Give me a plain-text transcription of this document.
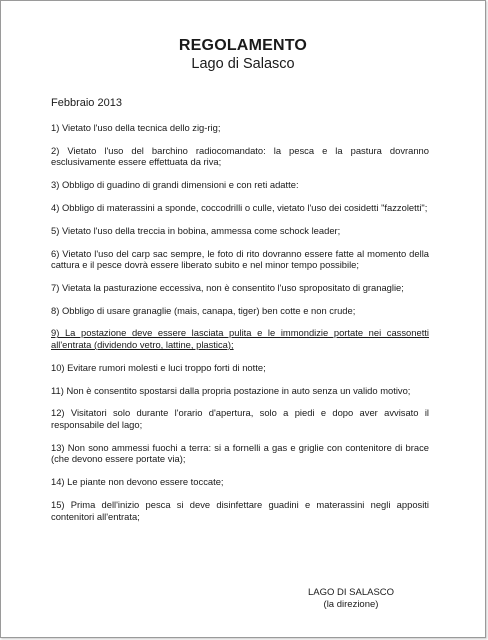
REGOLAMENTO
Lago di Salasco
Febbraio 2013

1) Vietato l'uso della tecnica dello zig-rig;

2) Vietato l'uso del barchino radiocomandato: la pesca e la pastura dovranno esclusivamente essere effettuata da riva;

3) Obbligo di guadino di grandi dimensioni e con reti adatte:

4) Obbligo di materassini a sponde, coccodrilli o culle, vietato l'uso dei cosidetti "fazzoletti";

5) Vietato l'uso della treccia in bobina, ammessa come schock leader;

6) Vietato l'uso del carp sac sempre, le foto di rito dovranno essere fatte al momento della cattura e il pesce dovrà essere liberato subito e nel minor tempo possibile;

7) Vietata la pasturazione eccessiva, non è consentito l'uso spropositato di granaglie;

8) Obbligo di usare granaglie (mais, canapa, tiger) ben cotte e non crude;

9) La postazione deve essere lasciata pulita e le immondizie portate nei cassonetti all'entrata (dividendo vetro, lattine, plastica);

10) Evitare rumori molesti e luci troppo forti di notte;

11) Non è consentito spostarsi dalla propria postazione in auto senza un valido motivo;

12) Visitatori solo durante l'orario d'apertura, solo a piedi e dopo aver avvisato il responsabile del lago;

13) Non sono ammessi fuochi a terra: si a fornelli a gas e griglie con contenitore di brace (che devono essere portate via);

14) Le piante non devono essere toccate;

15) Prima dell'inizio pesca si deve disinfettare guadini e materassini negli appositi contenitori all'entrata;

LAGO DI SALASCO
(la direzione)
